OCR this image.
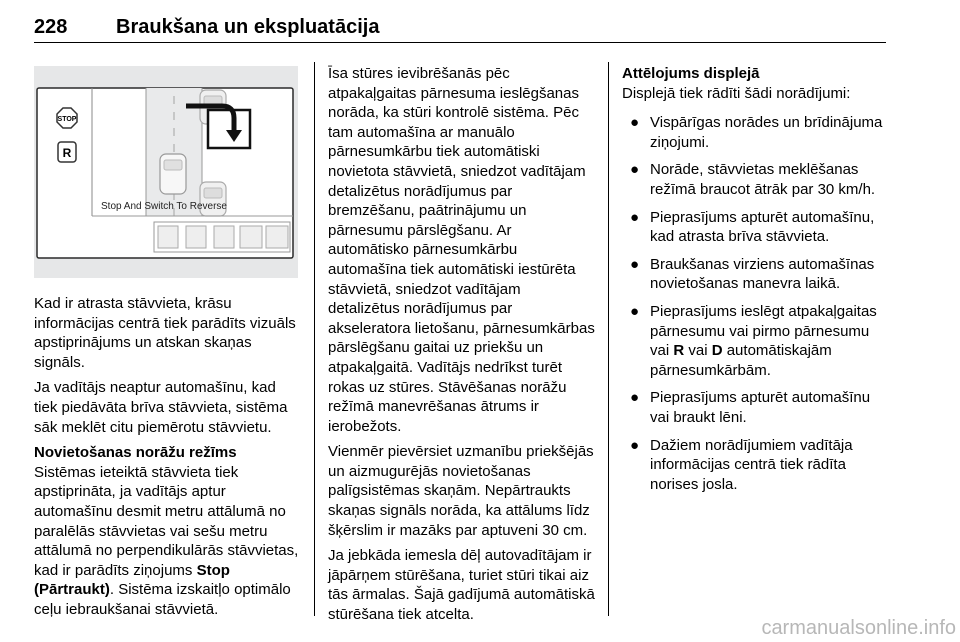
228 Braukšana un ekspluatācija
STOP
R
Stop And Switch To Reverse

Kad ir atrasta stāvvieta, krāsu informācijas centrā tiek parādīts vizuāls apstiprinājums un atskan skaņas signāls.

Ja vadītājs neaptur automašīnu, kad tiek piedāvāta brīva stāvvieta, sistēma sāk meklēt citu piemērotu stāvvietu.

Novietošanas norāžu režīms

Sistēmas ieteiktā stāvvieta tiek apstiprināta, ja vadītājs aptur automašīnu desmit metru attālumā no paralēlās stāvvietas vai sešu metru attālumā no perpendikulārās stāvvietas, kad ir parādīts ziņojums Stop (Pārtraukt). Sistēma izskaitļo optimālo ceļu iebraukšanai stāvvietā.

Īsa stūres ievibrēšanās pēc atpakaļgaitas pārnesuma ieslēgšanas norāda, ka stūri kontrolē sistēma. Pēc tam automašīna ar manuālo pārnesumkārbu tiek automātiski novietota stāvvietā, sniedzot vadītājam detalizētus norādījumus par bremzēšanu, paātrinājumu un pārnesumu pārslēgšanu. Ar automātisko pārnesumkārbu automašīna tiek automātiski iestūrēta stāvvietā, sniedzot vadītājam detalizētus norādījumus par akseleratora lietošanu, pārnesumkārbas pārslēgšanu gaitai uz priekšu un atpakaļgaitā. Vadītājs nedrīkst turēt rokas uz stūres. Stāvēšanas norāžu režīmā manevrēšanas ātrums ir ierobežots.

Vienmēr pievērsiet uzmanību priekšējās un aizmugurējās novietošanas palīgsistēmas skaņām. Nepārtraukts skaņas signāls norāda, ka attālums līdz šķērslim ir mazāks par aptuveni 30 cm.

Ja jebkāda iemesla dēļ autovadītājam ir jāpārņem stūrēšana, turiet stūri tikai aiz tās ārmalas. Šajā gadījumā automātiskā stūrēšana tiek atcelta.

Attēlojums displejā

Displejā tiek rādīti šādi norādījumi:

● Vispārīgas norādes un brīdinājuma ziņojumi.
● Norāde, stāvvietas meklēšanas režīmā braucot ātrāk par 30 km/h.
● Pieprasījums apturēt automašīnu, kad atrasta brīva stāvvieta.
● Braukšanas virziens automašīnas novietošanas manevra laikā.
● Pieprasījums ieslēgt atpakaļgaitas pārnesumu vai pirmo pārnesumu vai R vai D automātiskajām pārnesumkārbām.
● Pieprasījums apturēt automašīnu vai braukt lēni.
● Dažiem norādījumiem vadītāja informācijas centrā tiek rādīta norises josla.
carmanualsonline.info
